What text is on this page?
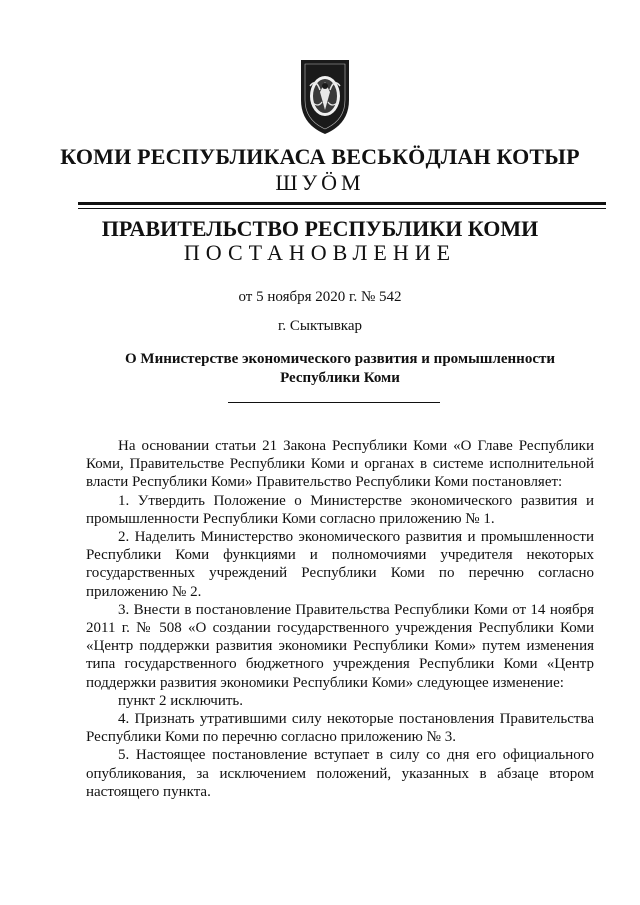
КОМИ РЕСПУБЛИКАСА ВЕСЬКӦДЛАН КОТЫР
ШУӦМ
ПРАВИТЕЛЬСТВО РЕСПУБЛИКИ КОМИ
ПОСТАНОВЛЕНИЕ
от 5 ноября 2020 г. № 542
г. Сыктывкар
О Министерстве экономического развития и промышленности
Республики Коми

На основании статьи 21 Закона Республики Коми «О Главе Республики Коми, Правительстве Республики Коми и органах в системе исполнительной власти Республики Коми» Правительство Республики Коми постановляет:

1. Утвердить Положение о Министерстве экономического развития и промышленности Республики Коми согласно приложению № 1.

2. Наделить Министерство экономического развития и промышленности Республики Коми функциями и полномочиями учредителя некоторых государственных учреждений Республики Коми по перечню согласно приложению № 2.

3. Внести в постановление Правительства Республики Коми от 14 ноября 2011 г. № 508 «О создании государственного учреждения Республики Коми «Центр поддержки развития экономики Республики Коми» путем изменения типа государственного бюджетного учреждения Республики Коми «Центр поддержки развития экономики Республики Коми» следующее изменение:

пункт 2 исключить.

4. Признать утратившими силу некоторые постановления Правительства Республики Коми по перечню согласно приложению № 3.

5. Настоящее постановление вступает в силу со дня его официального опубликования, за исключением положений, указанных в абзаце втором настоящего пункта.
